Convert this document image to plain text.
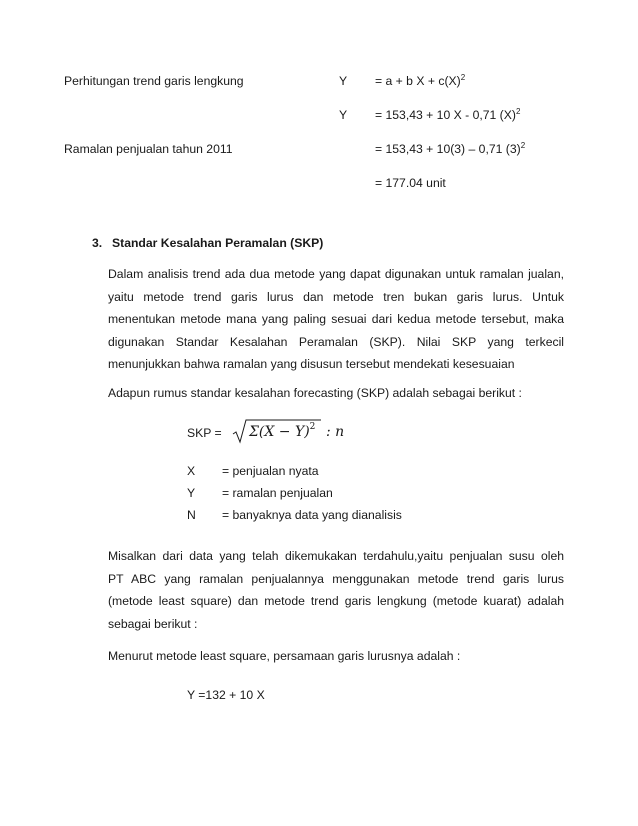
Perhitungan trend garis lengkung	Y = a + b $X + c(X)^2$
Y = 153,43 + 10 X - 0,71 $(X)^2$
Ramalan penjualan tahun 2011	= 153,43 + 10(3) – 0,71 $(3)^2$
= 177.04 unit
3. Standar Kesalahan Peramalan (SKP)
Dalam analisis trend ada dua metode yang dapat digunakan untuk ramalan jualan,
yaitu metode trend garis lurus dan metode tren bukan garis lurus. Untuk
menentukan metode mana yang paling sesuai dari kedua metode tersebut, maka
digunakan Standar Kesalahan Peramalan (SKP). Nilai SKP yang terkecil
menunjukkan bahwa ramalan yang disusun tersebut mendekati kesesuaian
Adapun rumus standar kesalahan forecasting (SKP) adalah sebagai berikut :
SKP = $\Sigma(X - Y)^2$ : n
X = penjualan nyata
Y = ramalan penjualan
N = banyaknya data yang dianalisis
Misalkan dari data yang telah dikemukakan terdahulu,yaitu penjualan susu oleh
PT ABC yang ramalan penjualannya menggunakan metode trend garis lurus
(metode least square) dan metode trend garis lengkung (metode kuarat) adalah
sebagai berikut :
Menurut metode least square, persamaan garis lurusnya adalah :
Y =132 + 10 X
